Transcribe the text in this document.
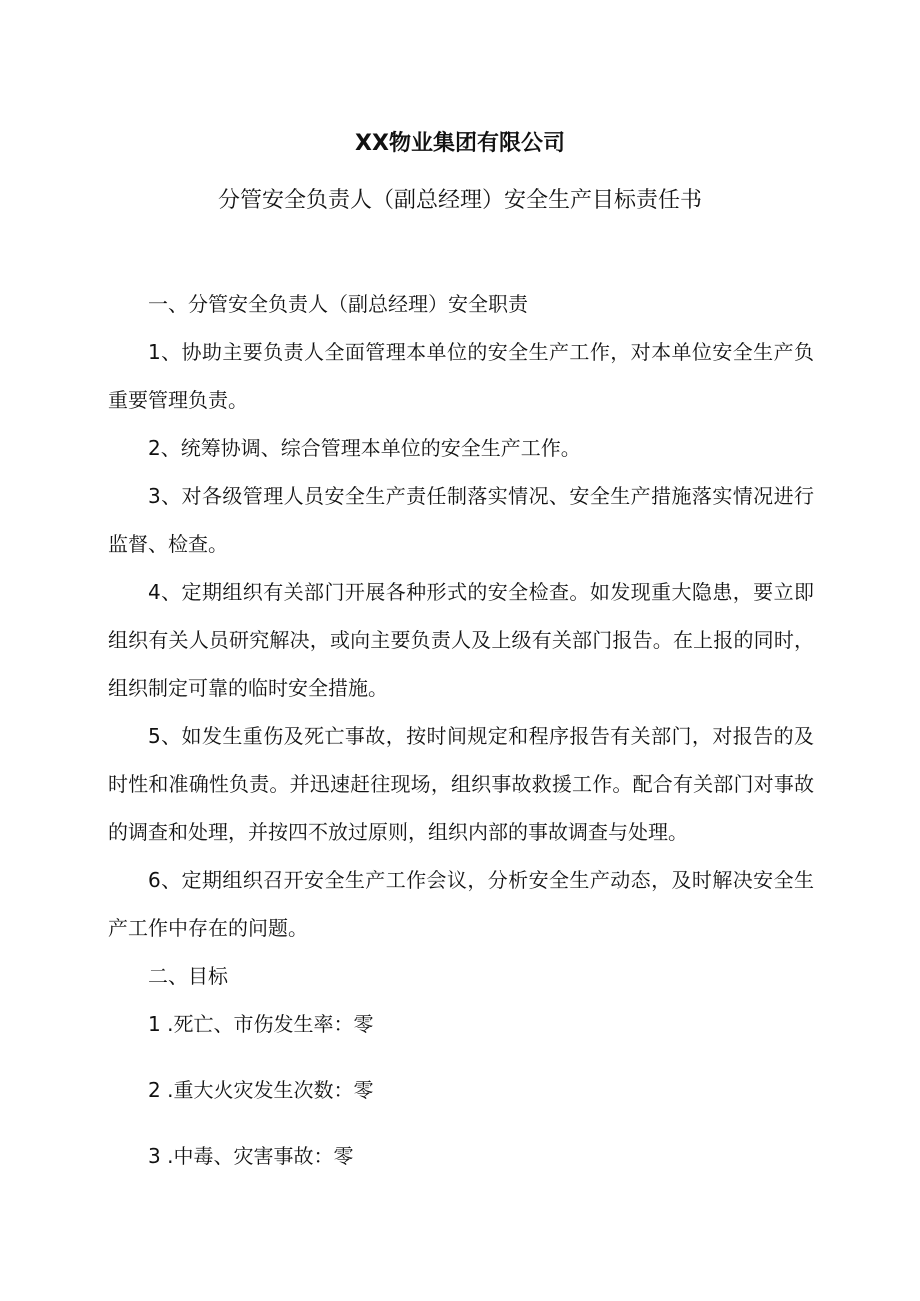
XX物业集团有限公司
分管安全负责人（副总经理）安全生产目标责任书

一、分管安全负责人（副总经理）安全职责

1、协助主要负责人全面管理本单位的安全生产工作，对本单位安全生产负重要管理负责。

2、统筹协调、综合管理本单位的安全生产工作。

3、对各级管理人员安全生产责任制落实情况、安全生产措施落实情况进行监督、检查。

4、定期组织有关部门开展各种形式的安全检查。如发现重大隐患，要立即组织有关人员研究解决，或向主要负责人及上级有关部门报告。在上报的同时，组织制定可靠的临时安全措施。

5、如发生重伤及死亡事故，按时间规定和程序报告有关部门，对报告的及时性和准确性负责。并迅速赶往现场，组织事故救援工作。配合有关部门对事故的调查和处理，并按四不放过原则，组织内部的事故调查与处理。

6、定期组织召开安全生产工作会议，分析安全生产动态，及时解决安全生产工作中存在的问题。

二、目标

1 .死亡、市伤发生率：零

2 .重大火灾发生次数：零

3 .中毒、灾害事故：零
